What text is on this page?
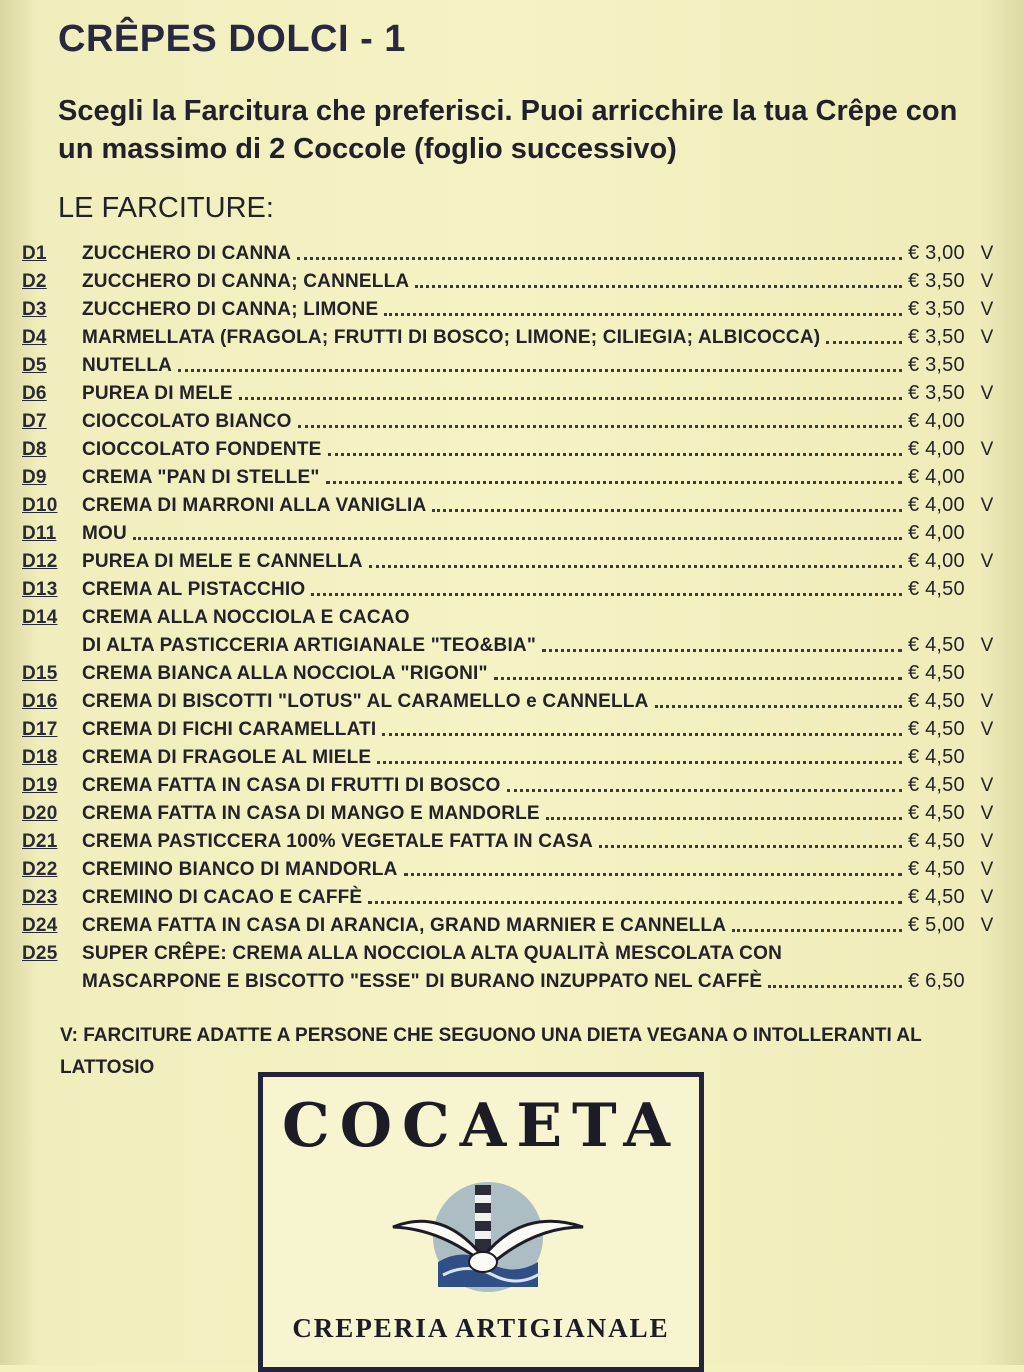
CRÊPES DOLCI - 1
Scegli la Farcitura che preferisci. Puoi arricchire la tua Crêpe con un massimo di 2 Coccole (foglio successivo)
LE FARCITURE:
D1	ZUCCHERO DI CANNA	€ 3,00 V
D2	ZUCCHERO DI CANNA; CANNELLA	€ 3,50 V
D3	ZUCCHERO DI CANNA; LIMONE	€ 3,50 V
D4	MARMELLATA (FRAGOLA; FRUTTI DI BOSCO; LIMONE; CILIEGIA; ALBICOCCA)	€ 3,50 V
D5	NUTELLA	€ 3,50
D6	PUREA DI MELE	€ 3,50 V
D7	CIOCCOLATO BIANCO	€ 4,00
D8	CIOCCOLATO FONDENTE	€ 4,00 V
D9	CREMA "PAN DI STELLE"	€ 4,00
D10	CREMA DI MARRONI ALLA VANIGLIA	€ 4,00 V
D11	MOU	€ 4,00
D12	PUREA DI MELE E CANNELLA	€ 4,00 V
D13	CREMA AL PISTACCHIO	€ 4,50
D14	CREMA ALLA NOCCIOLA E CACAO
DI ALTA PASTICCERIA ARTIGIANALE "TEO&BIA"	€ 4,50 V
D15	CREMA BIANCA ALLA NOCCIOLA "RIGONI"	€ 4,50
D16	CREMA DI BISCOTTI "LOTUS" AL CARAMELLO e CANNELLA	€ 4,50 V
D17	CREMA DI FICHI CARAMELLATI	€ 4,50 V
D18	CREMA DI FRAGOLE AL MIELE	€ 4,50
D19	CREMA FATTA IN CASA DI FRUTTI DI BOSCO	€ 4,50 V
D20	CREMA FATTA IN CASA DI MANGO E MANDORLE	€ 4,50 V
D21	CREMA PASTICCERA 100% VEGETALE FATTA IN CASA	€ 4,50 V
D22	CREMINO BIANCO DI MANDORLA	€ 4,50 V
D23	CREMINO DI CACAO E CAFFÈ	€ 4,50 V
D24	CREMA FATTA IN CASA DI ARANCIA, GRAND MARNIER E CANNELLA	€ 5,00 V
D25	SUPER CRÊPE: CREMA ALLA NOCCIOLA ALTA QUALITÀ MESCOLATA CON
MASCARPONE E BISCOTTO "ESSE" DI BURANO INZUPPATO NEL CAFFÈ	€ 6,50
V: FARCITURE ADATTE A PERSONE CHE SEGUONO UNA DIETA VEGANA O INTOLLERANTI AL LATTOSIO
COCAETA
CREPERIA ARTIGIANALE
